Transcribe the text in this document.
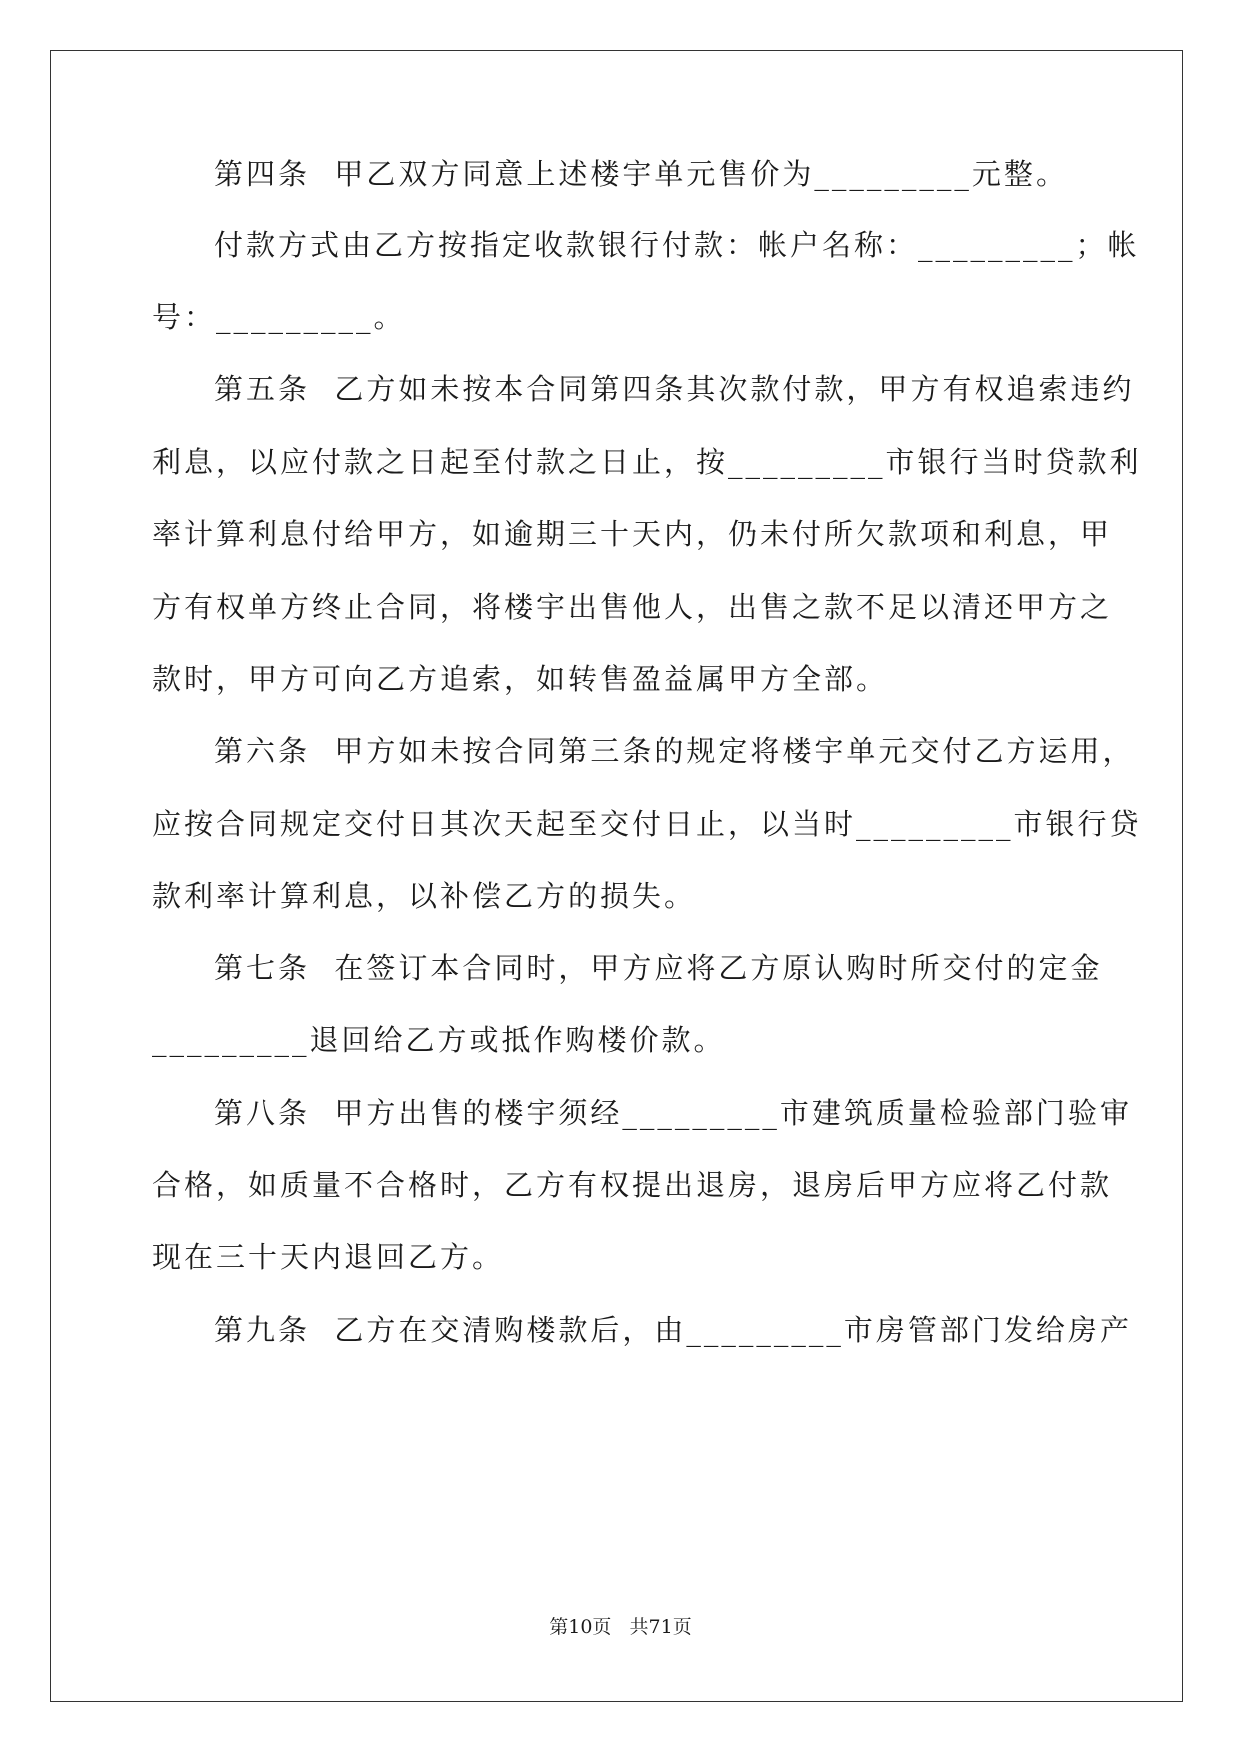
第四条  甲乙双方同意上述楼宇单元售价为_________元整。
付款方式由乙方按指定收款银行付款：帐户名称：_________；帐
号：_________。
第五条  乙方如未按本合同第四条其次款付款，甲方有权追索违约
利息，以应付款之日起至付款之日止，按_________市银行当时贷款利
率计算利息付给甲方，如逾期三十天内，仍未付所欠款项和利息，甲
方有权单方终止合同，将楼宇出售他人，出售之款不足以清还甲方之
款时，甲方可向乙方追索，如转售盈益属甲方全部。
第六条  甲方如未按合同第三条的规定将楼宇单元交付乙方运用，
应按合同规定交付日其次天起至交付日止，以当时_________市银行贷
款利率计算利息，以补偿乙方的损失。
第七条  在签订本合同时，甲方应将乙方原认购时所交付的定金
_________退回给乙方或抵作购楼价款。
第八条  甲方出售的楼宇须经_________市建筑质量检验部门验审
合格，如质量不合格时，乙方有权提出退房，退房后甲方应将乙付款
现在三十天内退回乙方。
第九条  乙方在交清购楼款后，由_________市房管部门发给房产
第10页   共71页
